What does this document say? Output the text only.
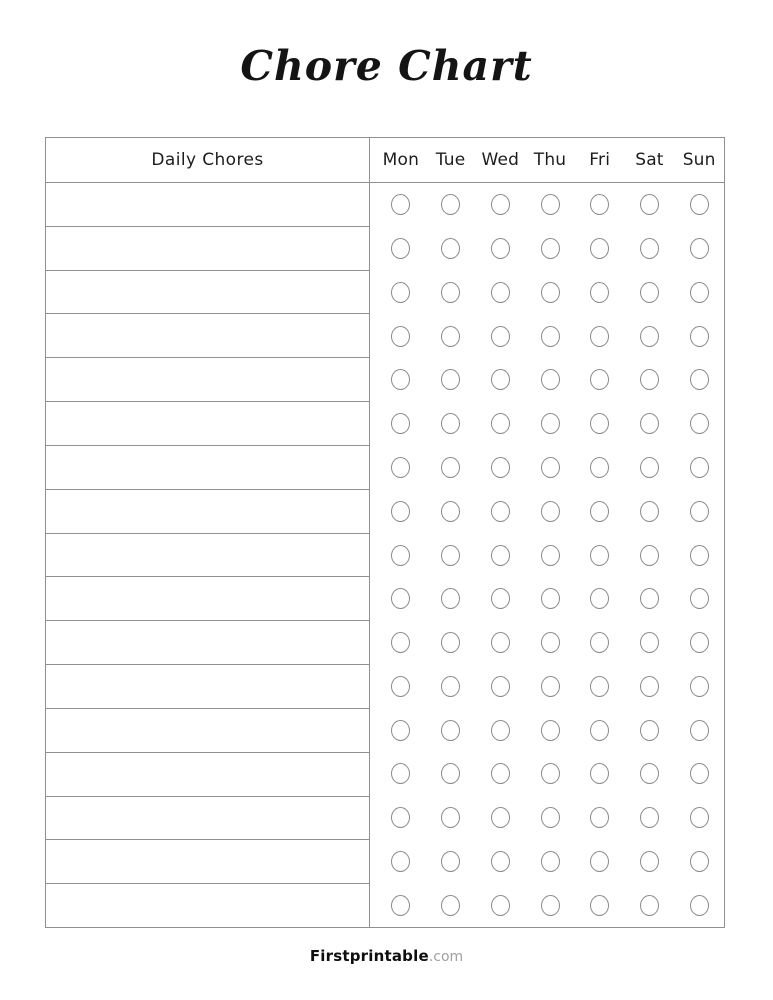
Chore Chart
Daily Chores	Mon Tue Wed Thu	Fri	Sat	Sun
Firstprintable.com
